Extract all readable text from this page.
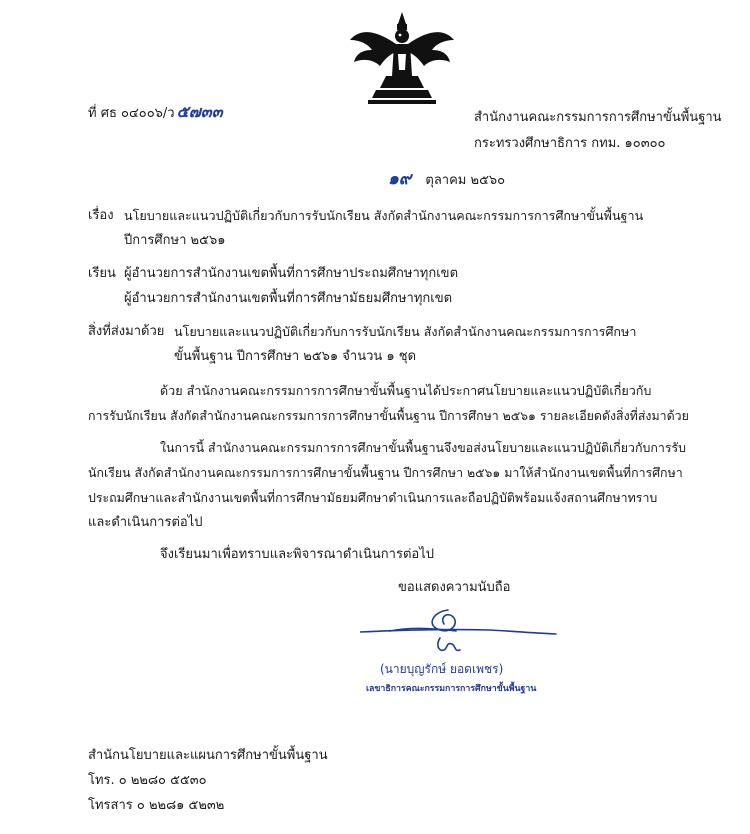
ที่ ศธ ๐๔๐๐๖/ว ๕๗๓๓	สำนักงานคณะกรรมการการศึกษาขั้นพื้นฐาน
กระทรวงศึกษาธิการ กทม. ๑๐๓๐๐
๑๙ ตุลาคม ๒๕๖๐
เรื่อง นโยบายและแนวปฏิบัติเกี่ยวกับการรับนักเรียน สังกัดสำนักงานคณะกรรมการการศึกษาขั้นพื้นฐาน
ปีการศึกษา ๒๕๖๑
เรียน ผู้อำนวยการสำนักงานเขตพื้นที่การศึกษาประถมศึกษาทุกเขต
ผู้อำนวยการสำนักงานเขตพื้นที่การศึกษามัธยมศึกษาทุกเขต
สิ่งที่ส่งมาด้วย นโยบายและแนวปฏิบัติเกี่ยวกับการรับนักเรียน สังกัดสำนักงานคณะกรรมการการศึกษา
ขั้นพื้นฐาน ปีการศึกษา ๒๕๖๑ จำนวน ๑ ชุด
ด้วย สำนักงานคณะกรรมการการศึกษาขั้นพื้นฐานได้ประกาศนโยบายและแนวปฏิบัติเกี่ยวกับ
การรับนักเรียน สังกัดสำนักงานคณะกรรมการการศึกษาขั้นพื้นฐาน ปีการศึกษา ๒๕๖๑ รายละเอียดดังสิ่งที่ส่งมาด้วย
ในการนี้ สำนักงานคณะกรรมการการศึกษาขั้นพื้นฐานจึงขอส่งนโยบายและแนวปฏิบัติเกี่ยวกับการรับ
นักเรียน สังกัดสำนักงานคณะกรรมการการศึกษาขั้นพื้นฐาน ปีการศึกษา ๒๕๖๑ มาให้สำนักงานเขตพื้นที่การศึกษา
ประถมศึกษาและสำนักงานเขตพื้นที่การศึกษามัธยมศึกษาดำเนินการและถือปฏิบัติพร้อมแจ้งสถานศึกษาทราบ
และดำเนินการต่อไป
จึงเรียนมาเพื่อทราบและพิจารณาดำเนินการต่อไป
ขอแสดงความนับถือ
(นายบุญรักษ์ ยอดเพชร)
เลขาธิการคณะกรรมการการศึกษาขั้นพื้นฐาน
สำนักนโยบายและแผนการศึกษาขั้นพื้นฐาน
โทร. ๐ ๒๒๘๐ ๕๕๓๐
โทรสาร ๐ ๒๒๘๑ ๕๒๓๒
